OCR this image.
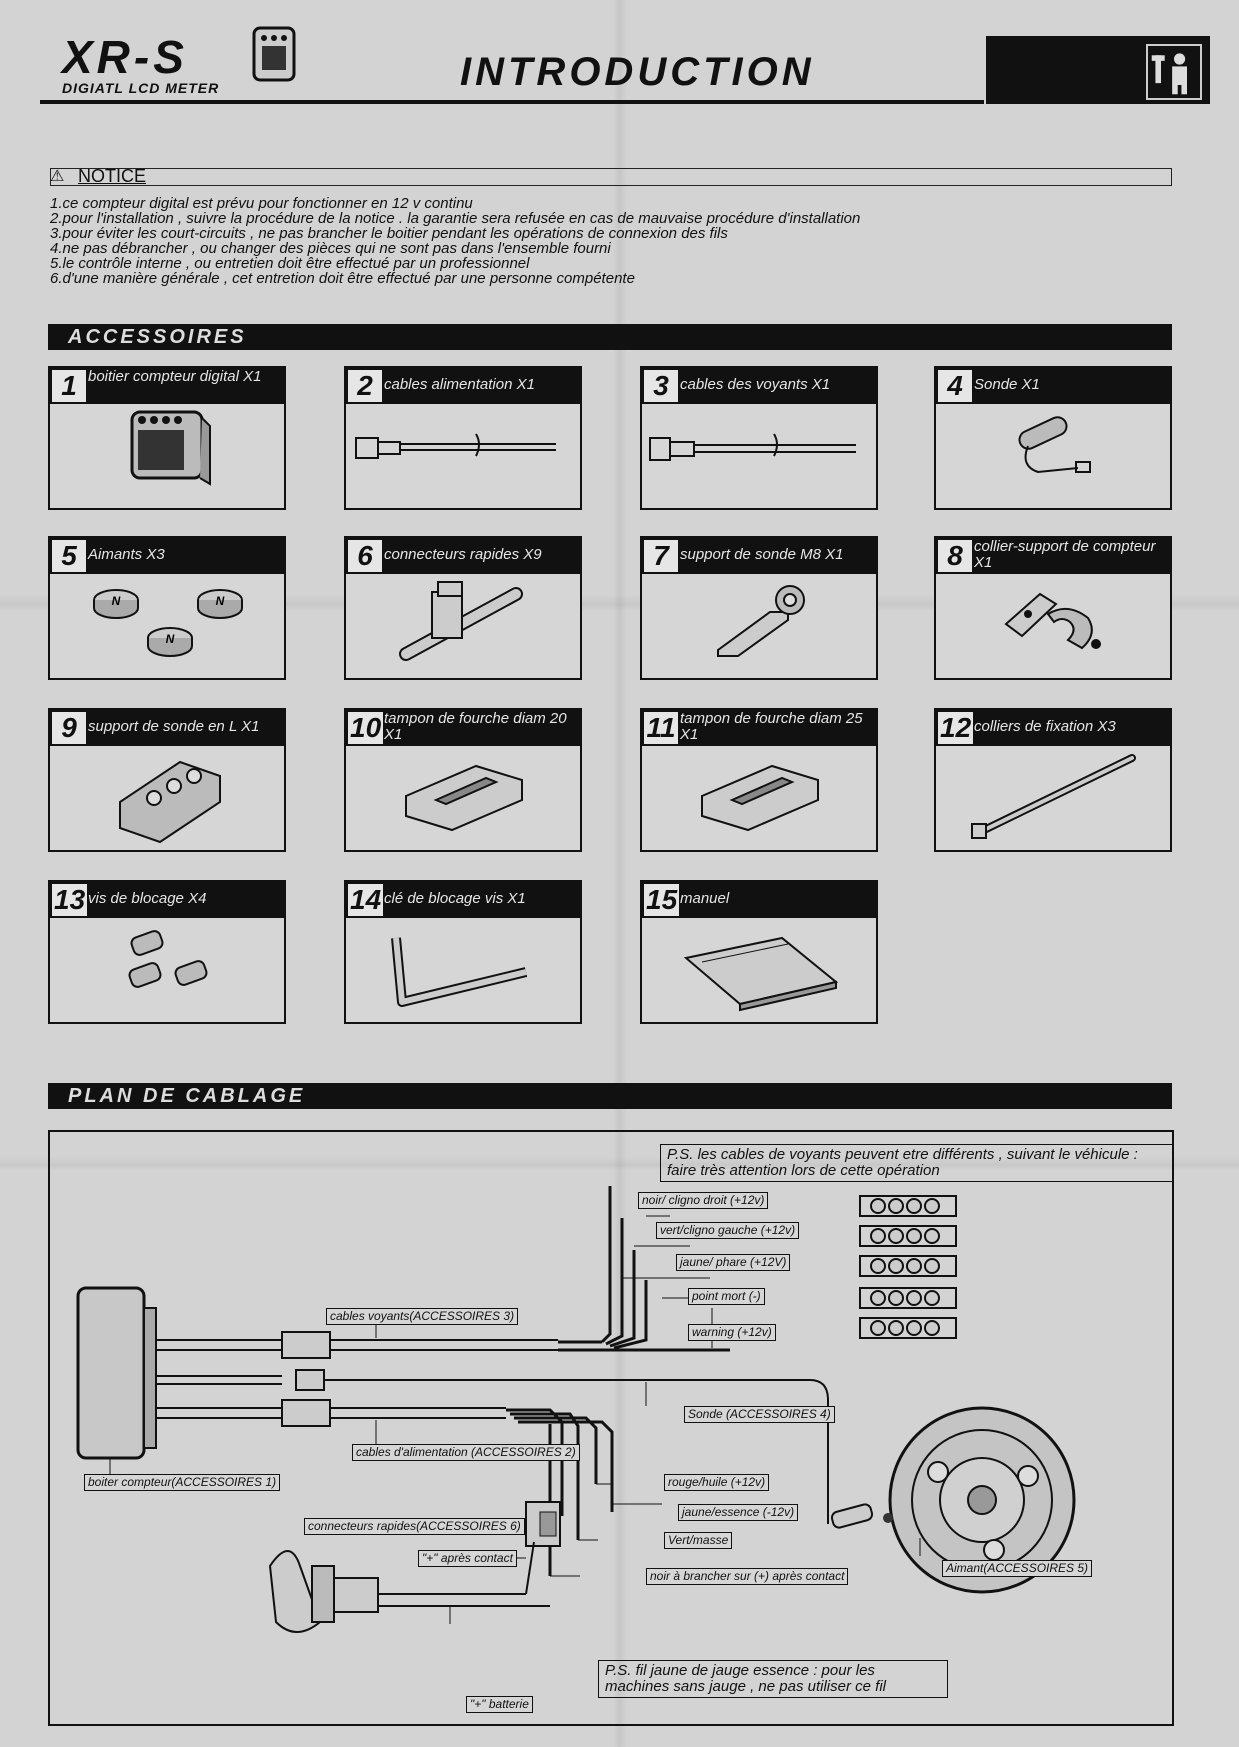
XR-S
DIGIATL LCD METER	INTRODUCTION
⚠ NOTICE
1.ce compteur digital est prévu pour fonctionner en 12 v continu
2.pour l'installation , suivre la procédure de la notice . la garantie sera refusée en cas de mauvaise procédure d'installation
3.pour éviter les court-circuits , ne pas brancher le boitier pendant les opérations de connexion des fils
4.ne pas débrancher , ou changer des pièces qui ne sont pas dans l'ensemble fourni
5.le contrôle interne , ou entretien doit être effectué par un professionnel
6.d'une manière générale , cet entretion doit être effectué par une personne compétente
ACCESSOIRES
1 boitier compteur digital X1	2 cables alimentation X1	3 cables des voyants X1	4 Sonde X1
5 Aimants X3
N	N
N
6 connecteurs rapides X9	7 support de sonde M8 X1	8 collier-support de compteur X1
9 support de sonde en L X1	10 tampon de fourche diam 20 X1	11 tampon de fourche diam 25 X1	12 colliers de fixation X3
13 vis de blocage X4	14 clé de blocage vis X1	15 manuel
PLAN DE CABLAGE
noir/ cligno droit (+12v)
vert/cligno gauche (+12v)
jaune/ phare (+12V)
point mort (-)
warning (+12v)
cables voyants(ACCESSOIRES 3)
Sonde (ACCESSOIRES 4)
cables d'alimentation (ACCESSOIRES 2)
boiter compteur(ACCESSOIRES 1)	rouge/huile (+12v)
jaune/essence (-12v)
connecteurs rapides(ACCESSOIRES 6)
Vert/masse
"+" après contact
noir à brancher sur (+) après contact
Aimant(ACCESSOIRES 5)
"+" batterie
P.S. les cables de voyants peuvent etre différents , suivant le véhicule : faire très attention lors de cette opération
P.S. fil jaune de jauge essence : pour les machines sans jauge , ne pas utiliser ce fil
